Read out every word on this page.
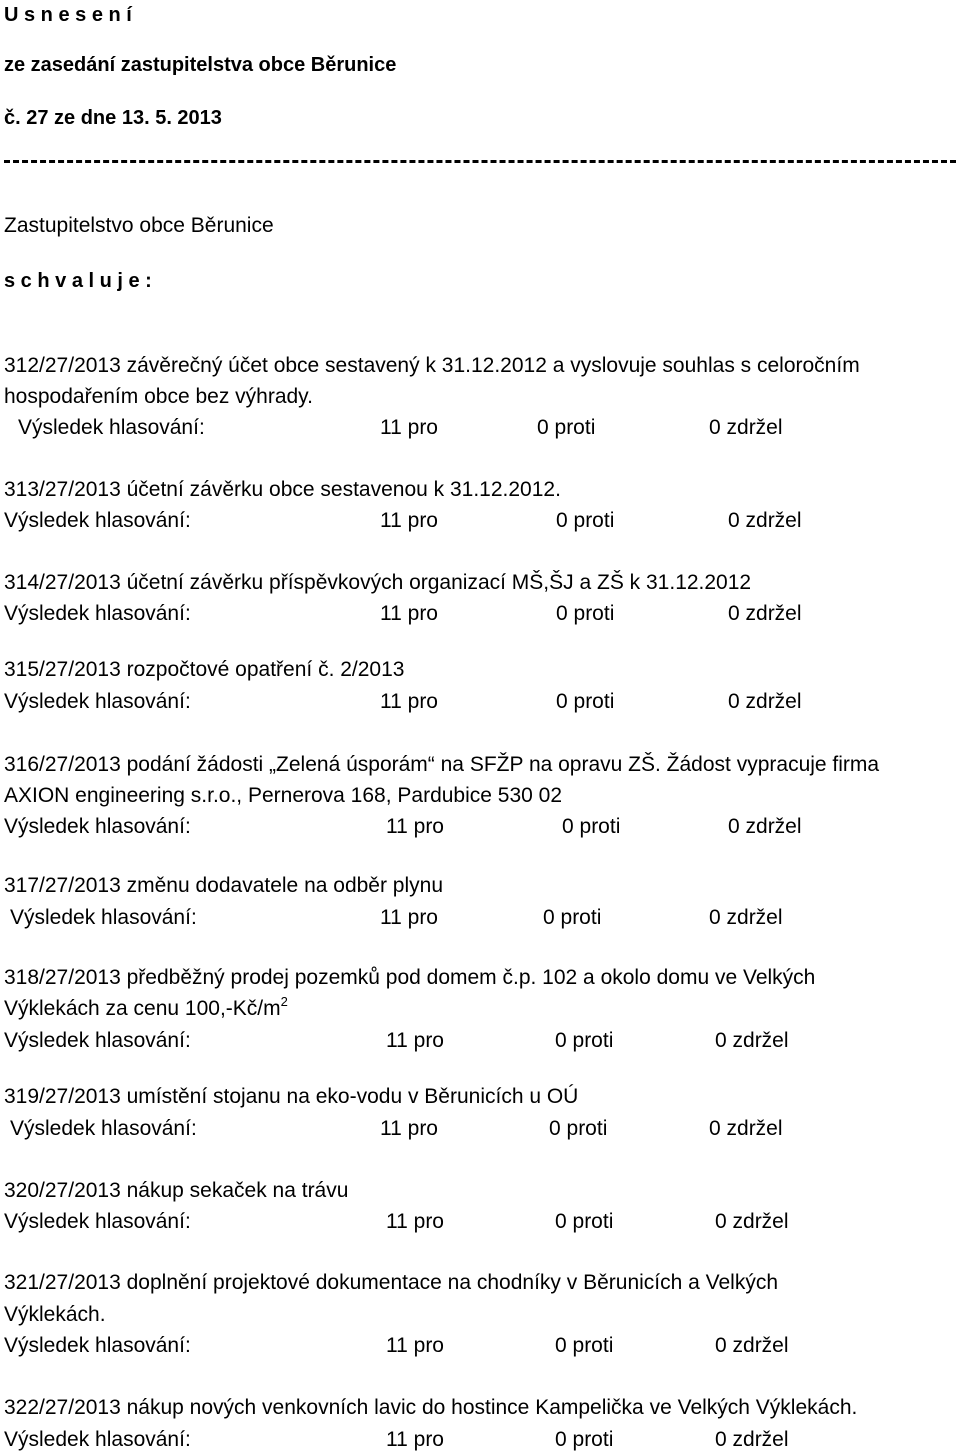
U s n e s e n í
ze zasedání zastupitelstva obce Běrunice
č. 27 ze dne 13. 5. 2013
Zastupitelstvo obce Běrunice
s c h v a l u j e :
312/27/2013 závěrečný účet obce sestavený k 31.12.2012 a vyslovuje souhlas s celoročním
hospodařením obce bez výhrady.
Výsledek hlasování:	11 pro	0 proti	0 zdržel
313/27/2013 účetní závěrku obce sestavenou k 31.12.2012.
Výsledek hlasování:	11 pro	0 proti	0 zdržel
314/27/2013 účetní závěrku příspěvkových organizací MŠ,ŠJ a ZŠ k 31.12.2012
Výsledek hlasování:	11 pro	0 proti	0 zdržel
315/27/2013 rozpočtové opatření č. 2/2013
Výsledek hlasování:	11 pro	0 proti	0 zdržel
316/27/2013 podání žádosti „Zelená úsporám“ na SFŽP na opravu ZŠ. Žádost vypracuje firma
AXION engineering s.r.o., Pernerova 168, Pardubice 530 02
Výsledek hlasování:	11 pro	0 proti	0 zdržel
317/27/2013 změnu dodavatele na odběr plynu
Výsledek hlasování:	11 pro	0 proti	0 zdržel
318/27/2013 předběžný prodej pozemků pod domem č.p. 102 a okolo domu ve Velkých
Výklekách za cenu $100,-Kč/m^2$
Výsledek hlasování:	11 pro	0 proti	0 zdržel
319/27/2013 umístění stojanu na eko-vodu v Běrunicích u OÚ
Výsledek hlasování:	11 pro	0 proti	0 zdržel
320/27/2013 nákup sekaček na trávu
Výsledek hlasování:	11 pro	0 proti	0 zdržel
321/27/2013 doplnění projektové dokumentace na chodníky v Běrunicích a Velkých
Výklekách.
Výsledek hlasování:	11 pro	0 proti	0 zdržel
322/27/2013 nákup nových venkovních lavic do hostince Kampelička ve Velkých Výklekách.
Výsledek hlasování:	11 pro	0 proti	0 zdržel
